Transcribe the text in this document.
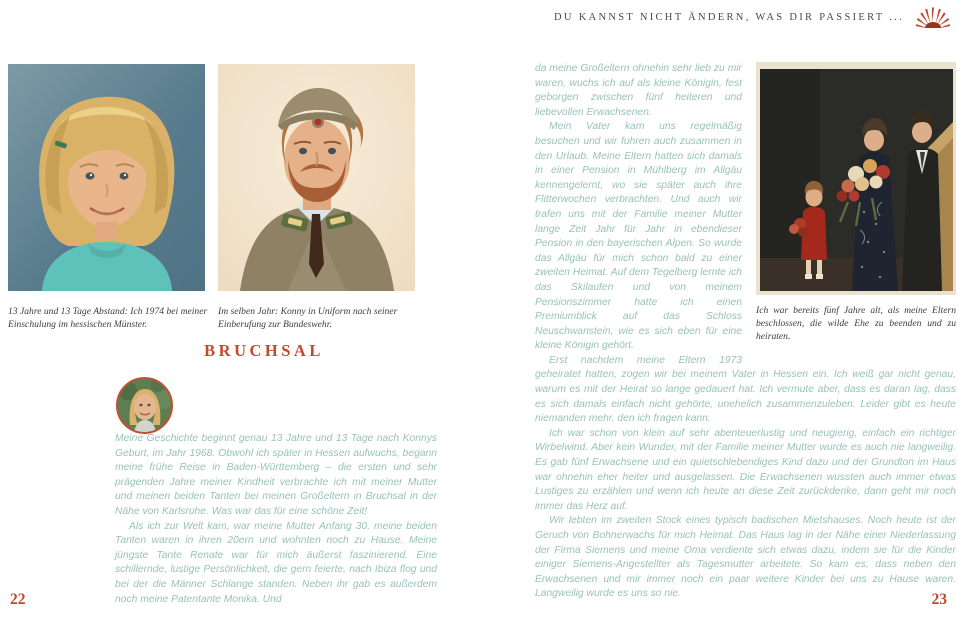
DU KANNST NICHT ÄNDERN, WAS DIR PASSIERT ...

13 Jahre und 13 Tage Abstand: Ich 1974 bei meiner Einschulung im hessischen Münster.

Im selben Jahr: Konny in Uniform nach seiner Einberufung zur Bundeswehr.

BRUCHSAL

Meine Geschichte beginnt genau 13 Jahre und 13 Tage nach Konnys Geburt, im Jahr 1968. Obwohl ich später in Hessen aufwuchs, begann meine frühe Reise in Baden-Württemberg – die ersten und sehr prägenden Jahre meiner Kindheit verbrachte ich mit meiner Mutter und meinen beiden Tanten bei meinen Großeltern in Bruchsal in der Nähe von Karlsruhe. Was war das für eine schöne Zeit!

Als ich zur Welt kam, war meine Mutter Anfang 30, meine beiden Tanten waren in ihren 20ern und wohnten noch zu Hause. Meine jüngste Tante Renate war für mich äußerst faszinierend. Eine schillernde, lustige Persönlichkeit, die gern feierte, nach Ibiza flog und bei der die Männer Schlange standen. Neben ihr gab es außerdem noch meine Patentante Monika. Und

22

Ich war bereits fünf Jahre alt, als meine Eltern beschlossen, die wilde Ehe zu beenden und zu heiraten.

da meine Großeltern ohnehin sehr lieb zu mir waren, wuchs ich auf als kleine Königin, fest geborgen zwischen fünf heiteren und liebevollen Erwachsenen.

Mein Vater kam uns regelmäßig besuchen und wir fuhren auch zusammen in den Urlaub. Meine Eltern hatten sich damals in einer Pension in Mühlberg im Allgäu kennengelernt, wo sie später auch ihre Flitterwochen verbrachten. Und auch wir trafen uns mit der Familie meiner Mutter lange Zeit Jahr für Jahr in ebendieser Pension in den bayerischen Alpen. So wurde das Allgäu für mich schon bald zu einer zweiten Heimat. Auf dem Tegelberg lernte ich das Skilaufen und von meinem Pensionszimmer hatte ich einen Premiumblick auf das Schloss Neuschwanstein, wie es sich eben für eine kleine Königin gehört.

Erst nachdem meine Eltern 1973 geheiratet hatten, zogen wir bei meinem Vater in Hessen ein. Ich weiß gar nicht genau, warum es mit der Heirat so lange gedauert hat. Ich vermute aber, dass es daran lag, dass es sich damals einfach nicht gehörte, unehelich zusammenzuleben. Leider gibt es heute niemanden mehr, den ich fragen kann.

Ich war schon von klein auf sehr abenteuerlustig und neugierig, einfach ein richtiger Wirbelwind. Aber kein Wunder, mit der Familie meiner Mutter wurde es auch nie langweilig. Es gab fünf Erwachsene und ein quietschlebendiges Kind dazu und der Grundton im Haus war ohnehin eher heiter und ausgelassen. Die Erwachsenen wussten auch immer etwas Lustiges zu erzählen und wenn ich heute an diese Zeit zurückdenke, dann geht mir noch immer das Herz auf.

Wir lebten im zweiten Stock eines typisch badischen Mietshauses. Noch heute ist der Geruch von Bohnerwachs für mich Heimat. Das Haus lag in der Nähe einer Niederlassung der Firma Siemens und meine Oma verdiente sich etwas dazu, indem sie für die Kinder einiger Siemens-Angestellter als Tagesmutter arbeitete. So kam es, dass neben den Erwachsenen und mir immer noch ein paar weitere Kinder bei uns zu Hause waren. Langweilig wurde es uns so nie.	23
